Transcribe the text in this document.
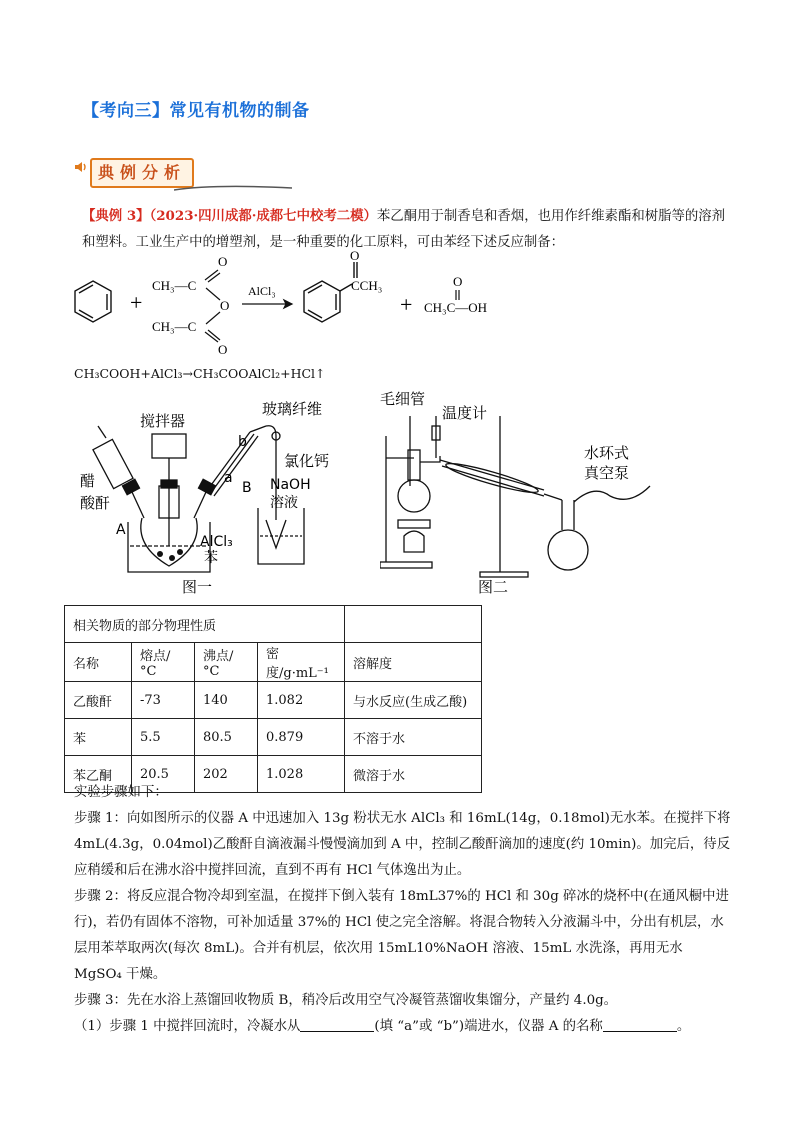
【考向三】常见有机物的制备
典例分析
【典例 3】（2023·四川成都·成都七中校考二模）苯乙酮用于制香皂和香烟，也用作纤维素酯和树脂等的溶剂和塑料。工业生产中的增塑剂，是一种重要的化工原料，可由苯经下述反应制备：
+
CH₃—C
CH₃—C
O
O
O
AlCl₃
O
CCH₃
+
O
CH₃C—OH
CH₃COOH+AlCl₃→CH₃COOAlCl₂+HCl↑
搅拌器
玻璃纤维
b
a
B
氯化钙
NaOH
溶液
醋
酸酐
A
AlCl₃
苯
图一
毛细管
温度计
水环式
真空泵
图二
相关物质的部分物理性质				
名称	熔点/°C	沸点/°C	密度/g·mL⁻¹	溶解度
乙酸酐	-73	140	1.082	与水反应(生成乙酸)
苯	5.5	80.5	0.879	不溶于水
苯乙酮	20.5	202	1.028	微溶于水

实验步骤如下：

步骤 1：向如图所示的仪器 A 中迅速加入 13g 粉状无水 AlCl₃ 和 16mL(14g，0.18mol)无水苯。在搅拌下将 4mL(4.3g，0.04mol)乙酸酐自滴液漏斗慢慢滴加到 A 中，控制乙酸酐滴加的速度(约 10min)。加完后，待反应稍缓和后在沸水浴中搅拌回流，直到不再有 HCl 气体逸出为止。

步骤 2：将反应混合物冷却到室温，在搅拌下倒入装有 18mL37%的 HCl 和 30g 碎冰的烧杯中(在通风橱中进行)，若仍有固体不溶物，可补加适量 37%的 HCl 使之完全溶解。将混合物转入分液漏斗中，分出有机层，水层用苯萃取两次(每次 8mL)。合并有机层，依次用 15mL10%NaOH 溶液、15mL 水洗涤，再用无水 MgSO₄ 干燥。

步骤 3：先在水浴上蒸馏回收物质 B，稍冷后改用空气冷凝管蒸馏收集馏分，产量约 4.0g。

（1）步骤 1 中搅拌回流时，冷凝水从	(填 “a”或 “b”)端进水，仪器 A 的名称	。
